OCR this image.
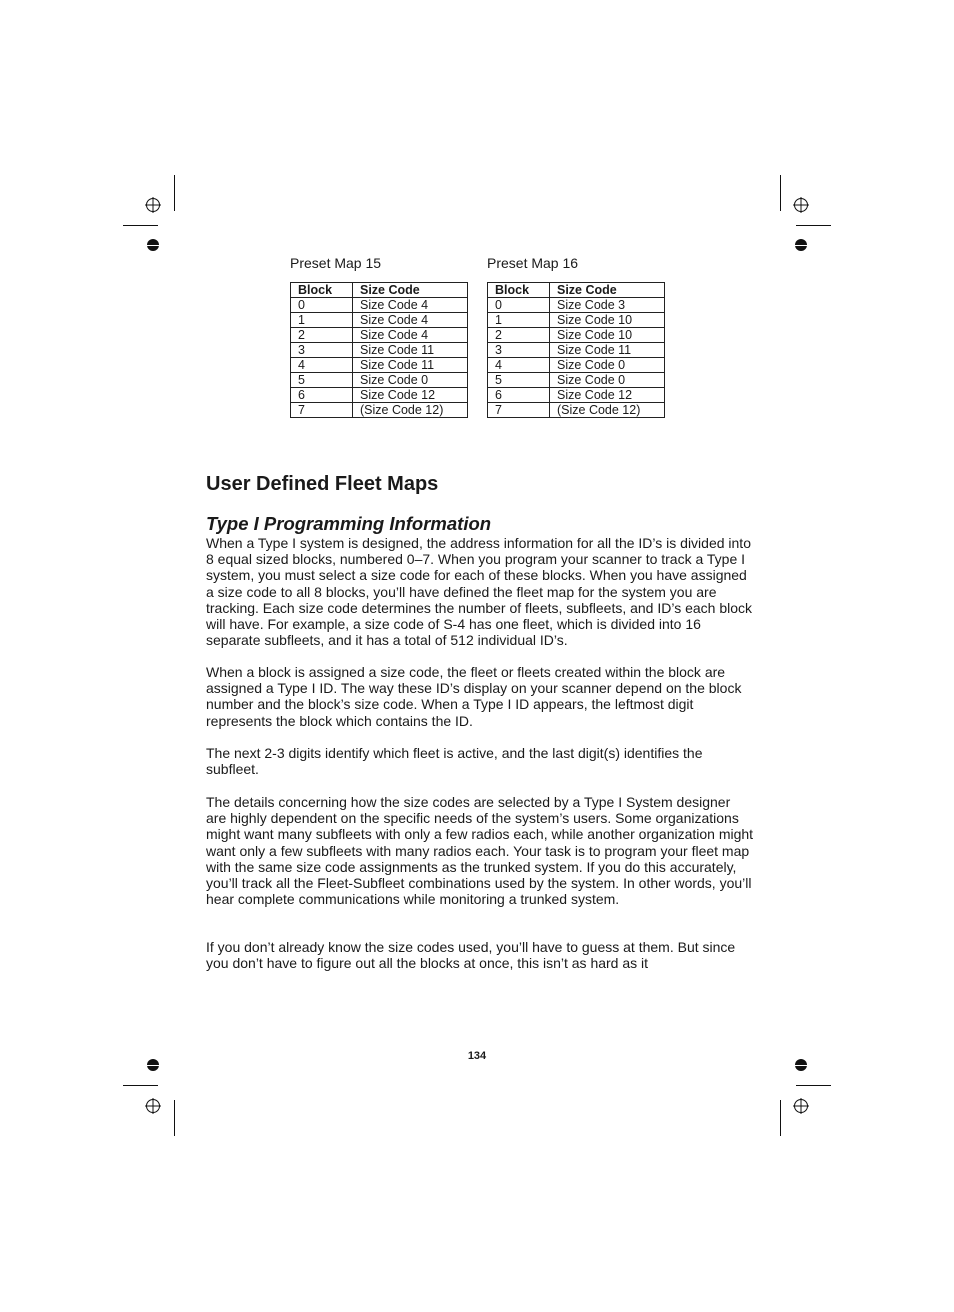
Preset Map 15
Block	Size Code
0	Size Code 4
1	Size Code 4
2	Size Code 4
3	Size Code 11
4	Size Code 11
5	Size Code 0
6	Size Code 12
7	(Size Code 12)
Preset Map 16
Block	Size Code
0	Size Code 3
1	Size Code 10
2	Size Code 10
3	Size Code 11
4	Size Code 0
5	Size Code 0
6	Size Code 12
7	(Size Code 12)
User Defined Fleet Maps
Type I Programming Information

When a Type I system is designed, the address information for all the ID’s is divided into 8 equal sized blocks, numbered 0–7. When you program your scanner to track a Type I system, you must select a size code for each of these blocks. When you have assigned a size code to all 8 blocks, you’ll have defined the fleet map for the system you are tracking. Each size code determines the number of fleets, subfleets, and ID’s each block will have. For example, a size code of S-4 has one fleet, which is divided into 16 separate subfleets, and it has a total of 512 individual ID’s.

When a block is assigned a size code, the fleet or fleets created within the block are assigned a Type I ID. The way these ID’s display on your scanner depend on the block number and the block’s size code. When a Type I ID appears, the leftmost digit represents the block which contains the ID.

The next 2-3 digits identify which fleet is active, and the last digit(s) identifies the subfleet.

The details concerning how the size codes are selected by a Type I System designer are highly dependent on the specific needs of the system’s users. Some organizations might want many subfleets with only a few radios each, while another organization might want only a few subfleets with many radios each. Your task is to program your fleet map with the same size code assignments as the trunked system. If you do this accurately, you’ll track all the Fleet-Subfleet combinations used by the system. In other words, you’ll hear complete communications while monitoring a trunked system.

If you don’t already know the size codes used, you’ll have to guess at them. But since you don’t have to figure out all the blocks at once, this isn’t as hard as it

134
